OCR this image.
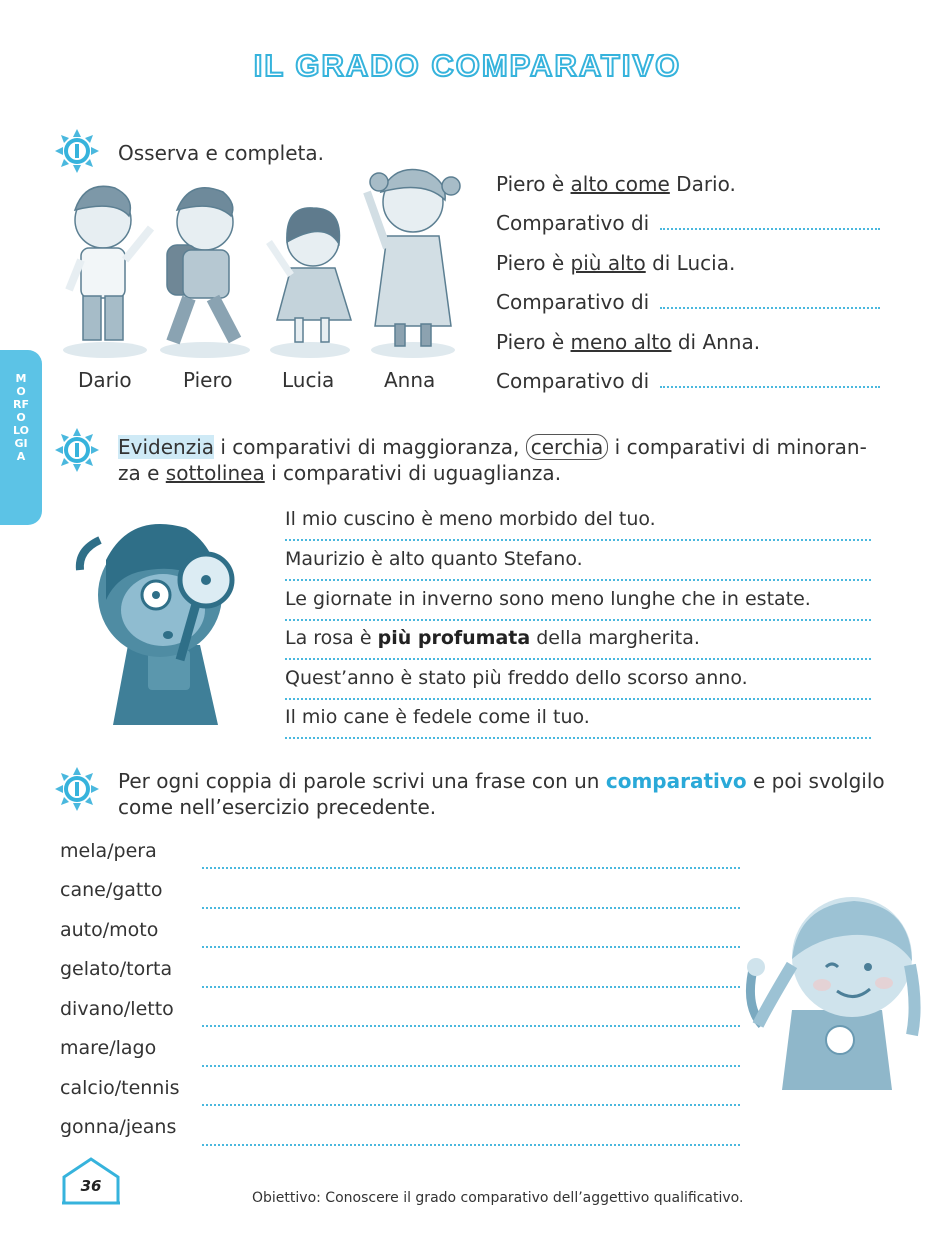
IL GRADO COMPARATIVO
MORFOLOGIA
Osserva e completa.
Dario	Piero Lucia Anna
Piero è alto come Dario.
Comparativo di
Piero è più alto di Lucia.
Comparativo di
Piero è meno alto di Anna.
Comparativo di
Evidenzia i comparativi di maggioranza, cerchia i comparativi di minoran-
za e sottolinea i comparativi di uguaglianza.
Il mio cuscino è meno morbido del tuo.
Maurizio è alto quanto Stefano.
Le giornate in inverno sono meno lunghe che in estate.
La rosa è più profumata della margherita.
Quest’anno è stato più freddo dello scorso anno.
Il mio cane è fedele come il tuo.
Per ogni coppia di parole scrivi una frase con un comparativo e poi svolgilo
come nell’esercizio precedente.
mela/pera
cane/gatto
auto/moto
gelato/torta
divano/letto
mare/lago
calcio/tennis
gonna/jeans
36
Obiettivo: Conoscere il grado comparativo dell’aggettivo qualificativo.
